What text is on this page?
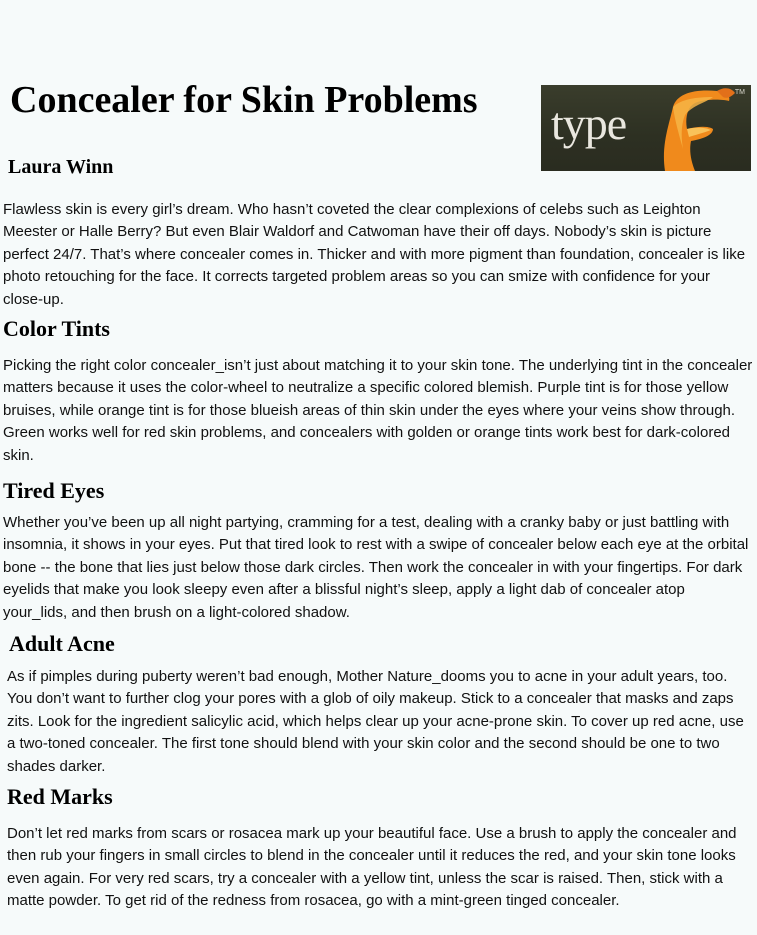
Concealer for Skin Problems type
TM
Laura Winn

Flawless skin is every girl’s dream. Who hasn’t coveted the clear complexions of celebs such as Leighton Meester or Halle Berry? But even Blair Waldorf and Catwoman have their off days. Nobody’s skin is picture perfect 24/7. That’s where concealer comes in. Thicker and with more pigment than foundation, concealer is like photo retouching for the face. It corrects targeted problem areas so you can smize with confidence for your close-up.

Color Tints

Picking the right color concealer_isn’t just about matching it to your skin tone. The underlying tint in the concealer matters because it uses the color-wheel to neutralize a specific colored blemish. Purple tint is for those yellow bruises, while orange tint is for those blueish areas of thin skin under the eyes where your veins show through. Green works well for red skin problems, and concealers with golden or orange tints work best for dark-colored skin.

Tired Eyes

Whether you’ve been up all night partying, cramming for a test, dealing with a cranky baby or just battling with insomnia, it shows in your eyes. Put that tired look to rest with a swipe of concealer below each eye at the orbital bone -- the bone that lies just below those dark circles. Then work the concealer in with your fingertips. For dark eyelids that make you look sleepy even after a blissful night’s sleep, apply a light dab of concealer atop your_lids, and then brush on a light-colored shadow.

Adult Acne

As if pimples during puberty weren’t bad enough, Mother Nature_dooms you to acne in your adult years, too. You don’t want to further clog your pores with a glob of oily makeup. Stick to a concealer that masks and zaps zits. Look for the ingredient salicylic acid, which helps clear up your acne-prone skin. To cover up red acne, use a two-toned concealer. The first tone should blend with your skin color and the second should be one to two shades darker.

Red Marks

Don’t let red marks from scars or rosacea mark up your beautiful face. Use a brush to apply the concealer and then rub your fingers in small circles to blend in the concealer until it reduces the red, and your skin tone looks even again. For very red scars, try a concealer with a yellow tint, unless the scar is raised. Then, stick with a matte powder. To get rid of the redness from rosacea, go with a mint-green tinged concealer.
